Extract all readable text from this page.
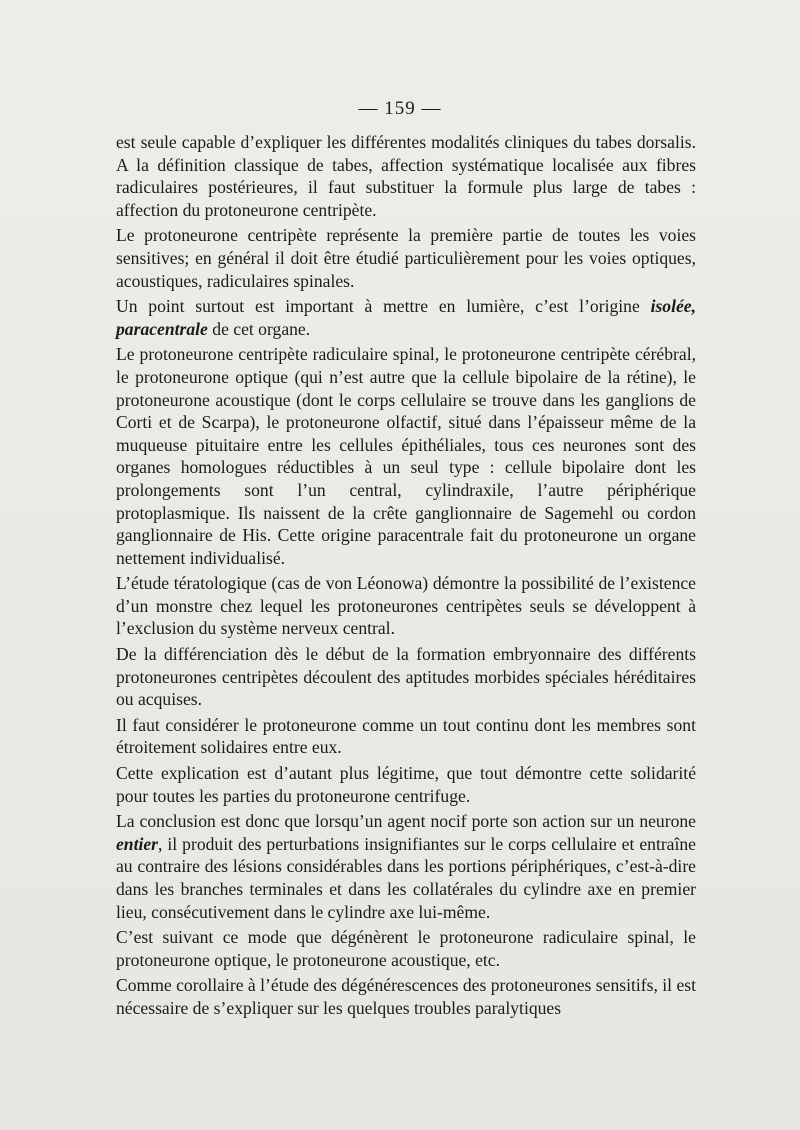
— 159 —

est seule capable d’expliquer les différentes modalités cliniques du tabes dorsalis. A la définition classique de tabes, affection systématique localisée aux fibres radiculaires postérieures, il faut substituer la formule plus large de tabes : affection du protoneurone centripète.

Le protoneurone centripète représente la première partie de toutes les voies sensitives; en général il doit être étudié particulièrement pour les voies optiques, acoustiques, radiculaires spinales.

Un point surtout est important à mettre en lumière, c’est l’origine isolée, paracentrale de cet organe.

Le protoneurone centripète radiculaire spinal, le protoneurone centripète cérébral, le protoneurone optique (qui n’est autre que la cellule bipolaire de la rétine), le protoneurone acoustique (dont le corps cellulaire se trouve dans les ganglions de Corti et de Scarpa), le protoneurone olfactif, situé dans l’épaisseur même de la muqueuse pituitaire entre les cellules épithéliales, tous ces neurones sont des organes homologues réductibles à un seul type : cellule bipolaire dont les prolongements sont l’un central, cylindraxile, l’autre périphérique protoplasmique. Ils naissent de la crête ganglionnaire de Sagemehl ou cordon ganglionnaire de His. Cette origine paracentrale fait du protoneurone un organe nettement individualisé.

L’étude tératologique (cas de von Léonowa) démontre la possibilité de l’existence d’un monstre chez lequel les protoneurones centripètes seuls se développent à l’exclusion du système nerveux central.

De la différenciation dès le début de la formation embryonnaire des différents protoneurones centripètes découlent des aptitudes morbides spéciales héréditaires ou acquises.

Il faut considérer le protoneurone comme un tout continu dont les membres sont étroitement solidaires entre eux.

Cette explication est d’autant plus légitime, que tout démontre cette solidarité pour toutes les parties du protoneurone centrifuge.

La conclusion est donc que lorsqu’un agent nocif porte son action sur un neurone entier, il produit des perturbations insignifiantes sur le corps cellulaire et entraîne au contraire des lésions considérables dans les portions périphériques, c’est-à-dire dans les branches terminales et dans les collatérales du cylindre axe en premier lieu, consécutivement dans le cylindre axe lui-même.

C’est suivant ce mode que dégénèrent le protoneurone radiculaire spinal, le protoneurone optique, le protoneurone acoustique, etc.

Comme corollaire à l’étude des dégénérescences des protoneurones sensitifs, il est nécessaire de s’expliquer sur les quelques troubles paralytiques
